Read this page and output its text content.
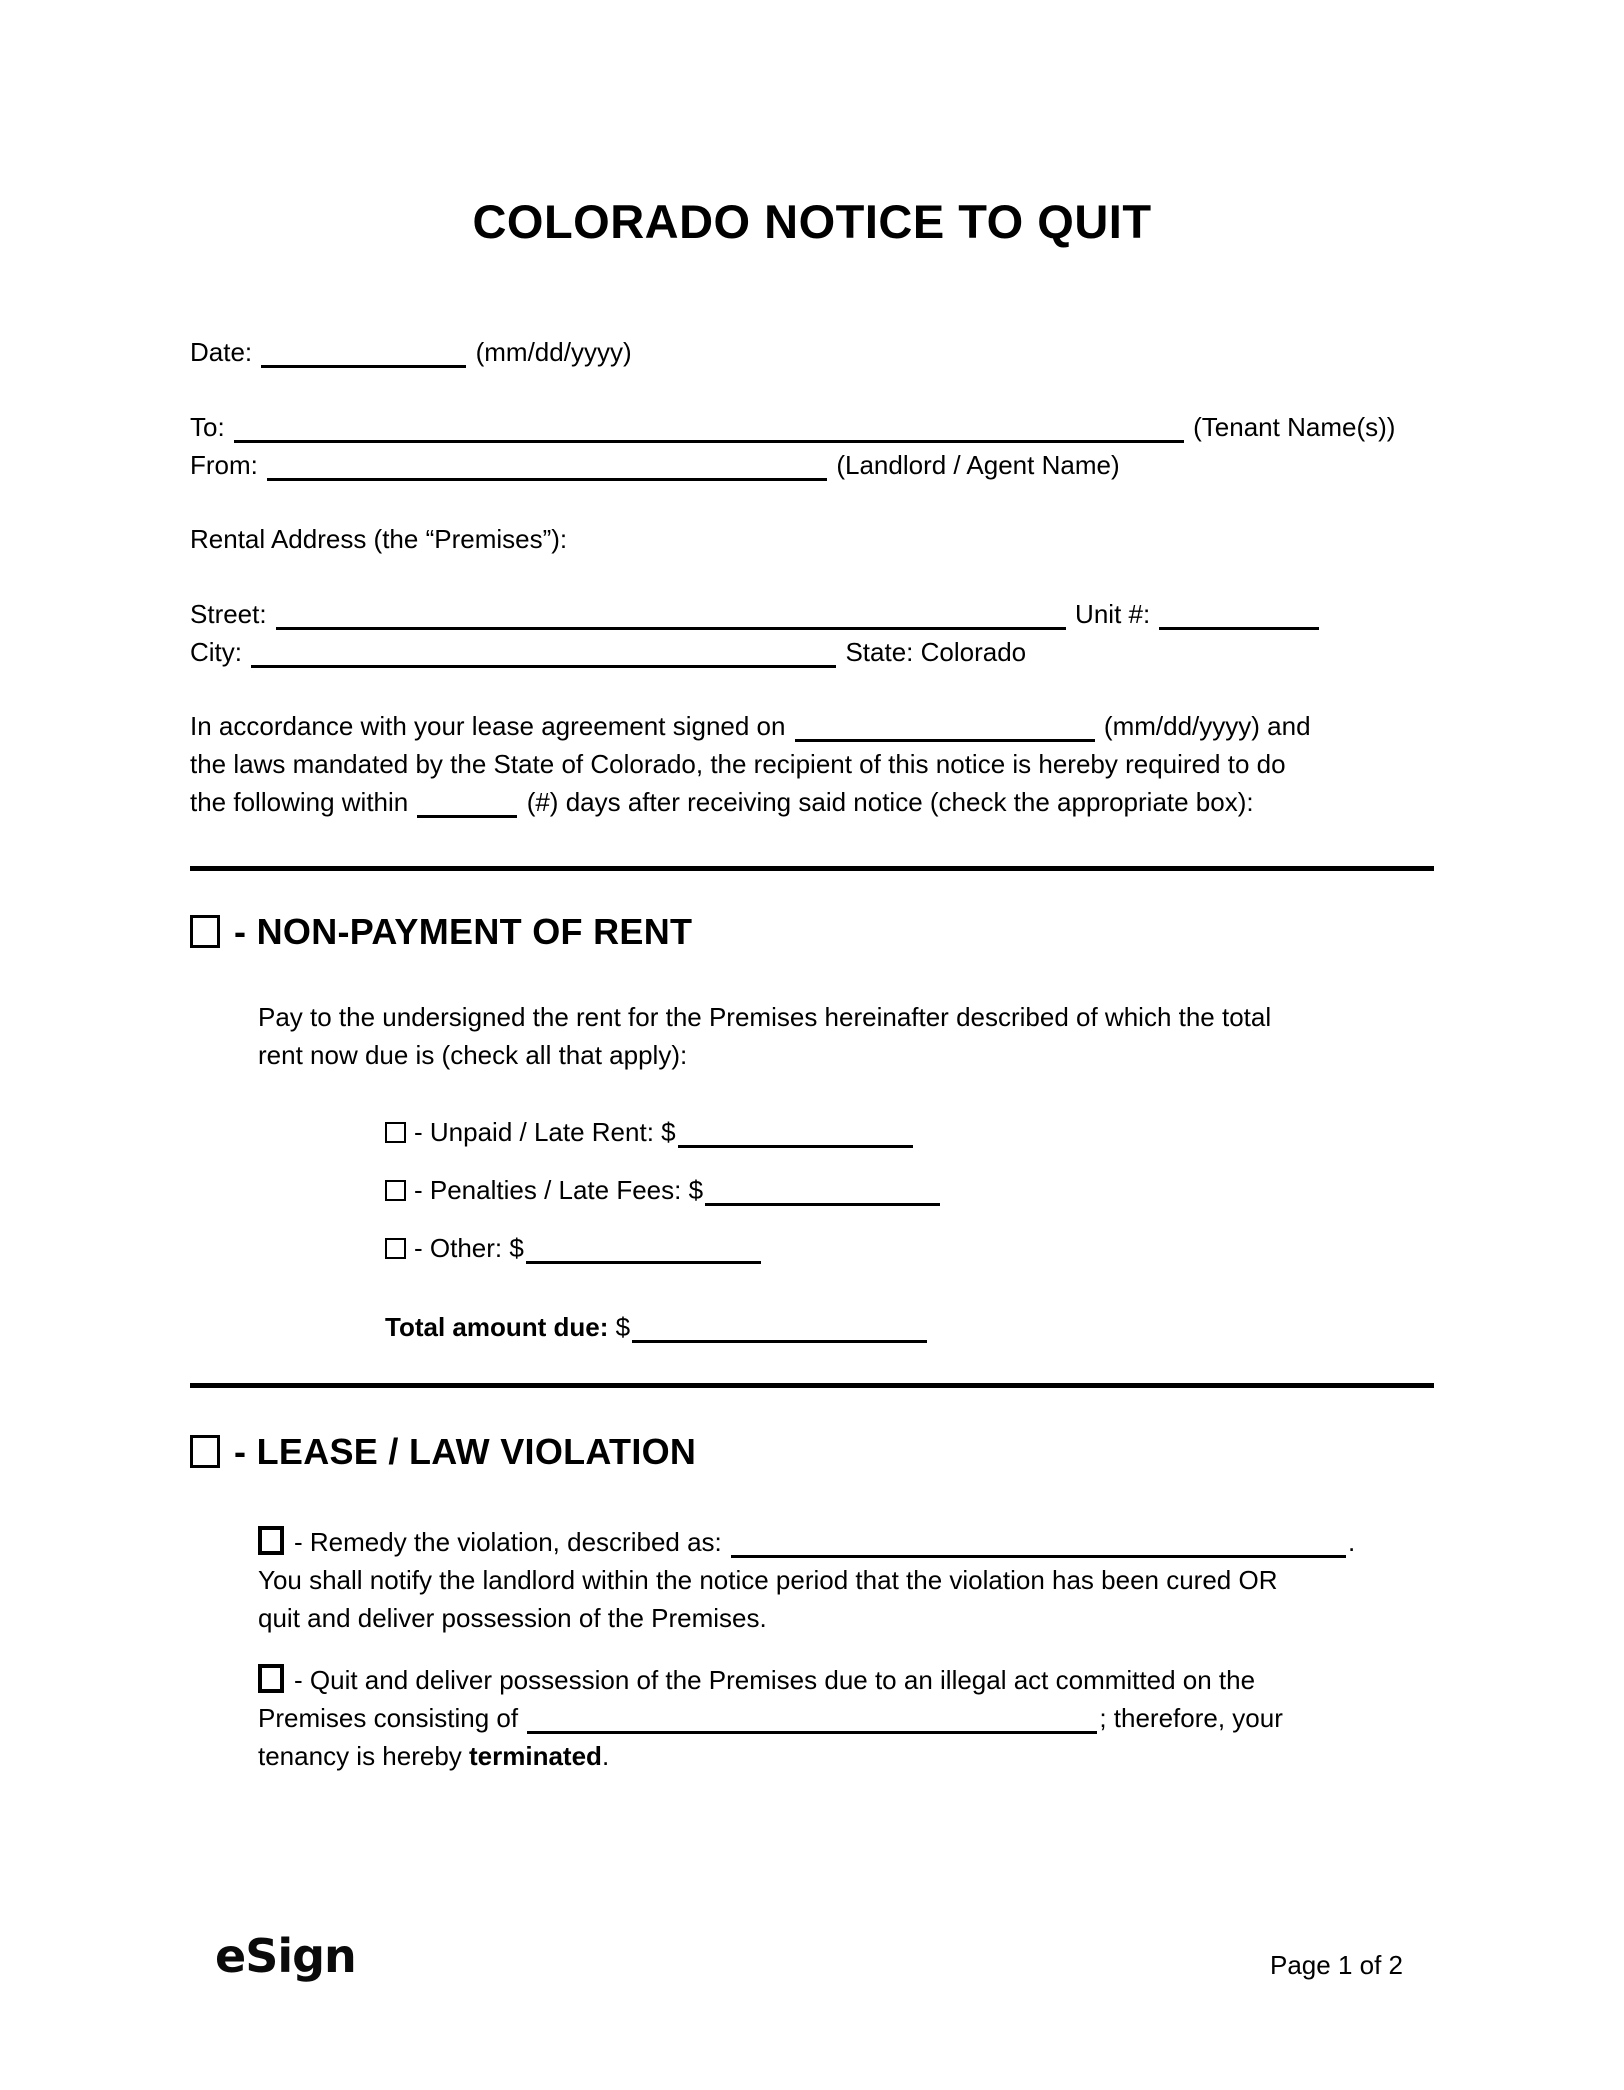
COLORADO NOTICE TO QUIT
Date:	(mm/dd/yyyy)
To:	(Tenant Name(s))
From:	(Landlord / Agent Name)
Rental Address (the “Premises”):
Street:	Unit #:
City:	State: Colorado
In accordance with your lease agreement signed on	(mm/dd/yyyy) and
the laws mandated by the State of Colorado, the recipient of this notice is hereby required to do
the following within	(#) days after receiving said notice (check the appropriate box):
- NON-PAYMENT OF RENT
Pay to the undersigned the rent for the Premises hereinafter described of which the total
rent now due is (check all that apply):
- Unpaid / Late Rent: $
- Penalties / Late Fees: $
- Other: $
Total amount due: $
- LEASE / LAW VIOLATION
- Remedy the violation, described as:	.
You shall notify the landlord within the notice period that the violation has been cured OR
quit and deliver possession of the Premises.
- Quit and deliver possession of the Premises due to an illegal act committed on the
Premises consisting of	; therefore, your
tenancy is hereby terminated.
eSign	Page 1 of 2
